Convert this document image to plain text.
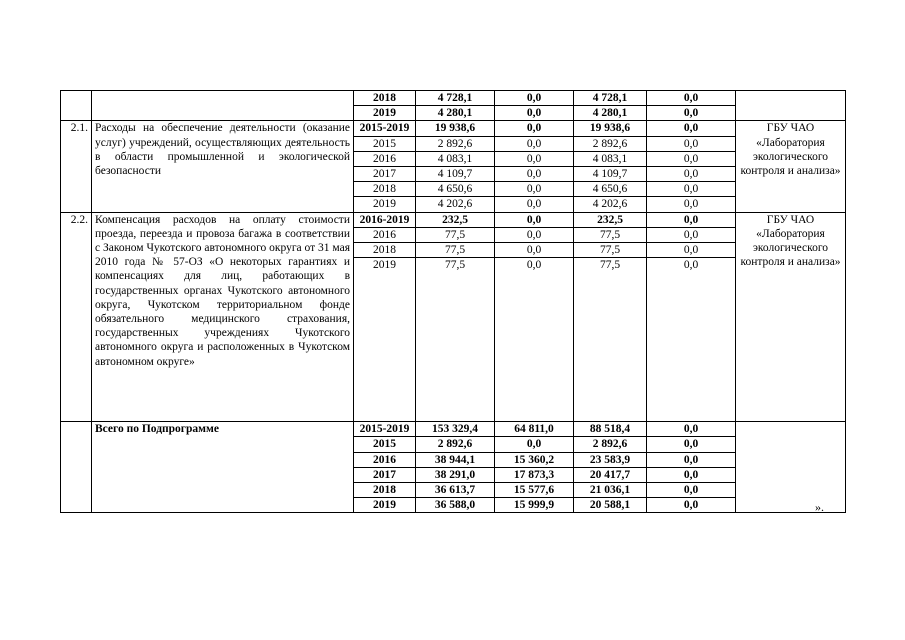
		2018	4 728,1	0,0	4 728,1	0,0	
		2019	4 280,1	0,0	4 280,1	0,0	
2.1.	Расходы на обеспечение деятельности (оказание услуг) учреждений, осуществляющих деятельность в области промышленной и экологической безопасности	2015-2019	19 938,6	0,0	19 938,6	0,0	ГБУ ЧАО «Лаборатория экологического контроля и анализа»
		2015	2 892,6	0,0	2 892,6	0,0	
		2016	4 083,1	0,0	4 083,1	0,0	
		2017	4 109,7	0,0	4 109,7	0,0	
		2018	4 650,6	0,0	4 650,6	0,0	
		2019	4 202,6	0,0	4 202,6	0,0	
2.2.	Компенсация расходов на оплату стоимости проезда, переезда и провоза багажа в соответствии с Законом Чукотского автономного округа от 31 мая 2010 года № 57-ОЗ «О некоторых гарантиях и компенсациях для лиц, работающих в государственных органах Чукотского автономного округа, Чукотском территориальном фонде обязательного медицинского страхования, государственных учреждениях Чукотского автономного округа и расположенных в Чукотском автономном округе»	2016-2019	232,5	0,0	232,5	0,0	ГБУ ЧАО «Лаборатория экологического контроля и анализа»
		2016	77,5	0,0	77,5	0,0	
		2018	77,5	0,0	77,5	0,0	
		2019	77,5	0,0	77,5	0,0	
	Всего по Подпрограмме	2015-2019	153 329,4	64 811,0	88 518,4	0,0	
		2015	2 892,6	0,0	2 892,6	0,0	
		2016	38 944,1	15 360,2	23 583,9	0,0	
		2017	38 291,0	17 873,3	20 417,7	0,0	
		2018	36 613,7	15 577,6	21 036,1	0,0	
		2019	36 588,0	15 999,9	20 588,1	0,0		».
